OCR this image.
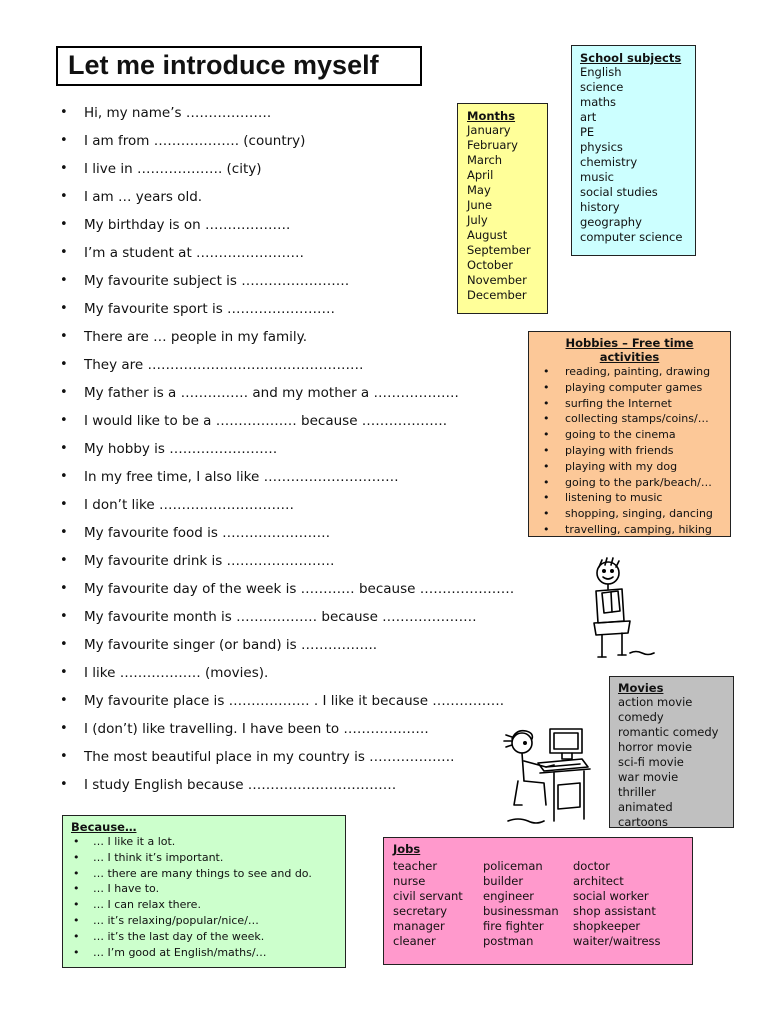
Let me introduce myself
• Hi, my name’s ……………….
• I am from ………………. (country)
• I live in ………………. (city)
• I am … years old.
• My birthday is on ……………….
• I’m a student at ……………………
• My favourite subject is ……………………
• My favourite sport is ……………………
• There are … people in my family.
• They are …………………………………………
• My father is a …………… and my mother a ……………….
• I would like to be a ……………… because ……………….
• My hobby is ……………………
• In my free time, I also like …………………………
• I don’t like …………………………
• My favourite food is ……………………
• My favourite drink is ……………………
• My favourite day of the week is ………… because …………………
• My favourite month is ……………… because …………………
• My favourite singer (or band) is ……………..
• I like ……………… (movies).
• My favourite place is ……………… . I like it because …………….
• I (don’t) like travelling. I have been to ……………….
• The most beautiful place in my country is ……………….
• I study English because ……………………………
Months
January
February
March
April
May
June
July
August
September
October
November
December
School subjects
English
science
maths
art
PE
physics
chemistry
music
social studies
history
geography
computer science
Hobbies – Free time activities
• reading, painting, drawing
• playing computer games
• surfing the Internet
• collecting stamps/coins/…
• going to the cinema
• playing with friends
• playing with my dog
• going to the park/beach/…
• listening to music
• shopping, singing, dancing
• travelling, camping, hiking
Movies
action movie
comedy
romantic comedy
horror movie
sci-fi movie
war movie
thriller
animated cartoons
Because…
• … I like it a lot.
• … I think it’s important.
• … there are many things to see and do.
• … I have to.
• … I can relax there.
• … it’s relaxing/popular/nice/…
• … it’s the last day of the week.
• … I’m good at English/maths/…
Jobs
teacher
nurse
civil servant
secretary
manager
cleaner
policeman
builder
engineer
businessman
fire fighter
postman
doctor
architect
social worker
shop assistant
shopkeeper
waiter/waitress
